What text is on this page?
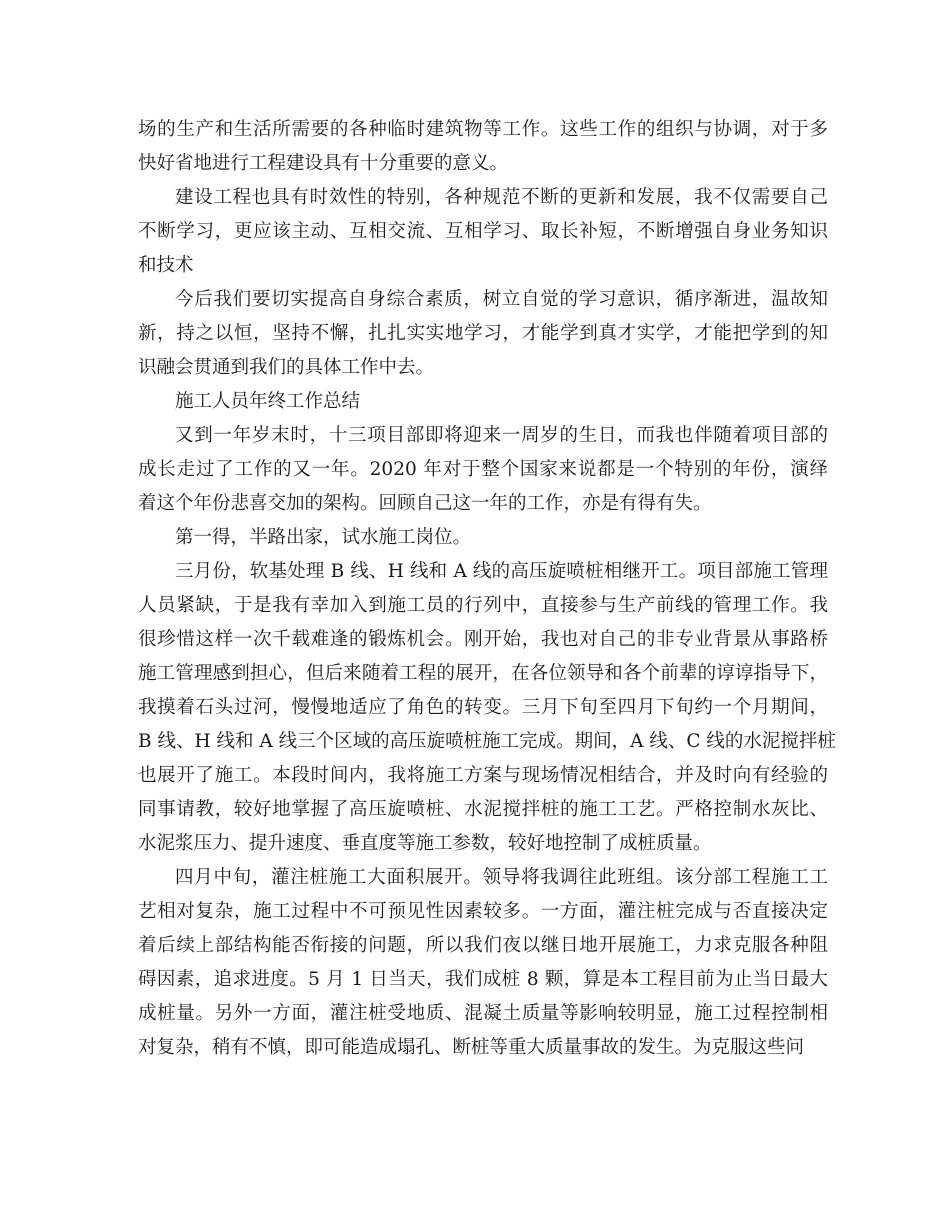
场的生产和生活所需要的各种临时建筑物等工作。这些工作的组织与协调，对于多
快好省地进行工程建设具有十分重要的意义。
建设工程也具有时效性的特别，各种规范不断的更新和发展，我不仅需要自己
不断学习，更应该主动、互相交流、互相学习、取长补短，不断增强自身业务知识
和技术
今后我们要切实提高自身综合素质，树立自觉的学习意识，循序渐进，温故知
新，持之以恒，坚持不懈，扎扎实实地学习，才能学到真才实学，才能把学到的知
识融会贯通到我们的具体工作中去。
施工人员年终工作总结
又到一年岁末时，十三项目部即将迎来一周岁的生日，而我也伴随着项目部的
成长走过了工作的又一年。2020 年对于整个国家来说都是一个特别的年份，演绎
着这个年份悲喜交加的架构。回顾自己这一年的工作，亦是有得有失。
第一得，半路出家，试水施工岗位。
三月份，软基处理 B 线、H 线和 A 线的高压旋喷桩相继开工。项目部施工管理
人员紧缺，于是我有幸加入到施工员的行列中，直接参与生产前线的管理工作。我
很珍惜这样一次千载难逢的锻炼机会。刚开始，我也对自己的非专业背景从事路桥
施工管理感到担心，但后来随着工程的展开，在各位领导和各个前辈的谆谆指导下，
我摸着石头过河，慢慢地适应了角色的转变。三月下旬至四月下旬约一个月期间，
B 线、H 线和 A 线三个区域的高压旋喷桩施工完成。期间，A 线、C 线的水泥搅拌桩
也展开了施工。本段时间内，我将施工方案与现场情况相结合，并及时向有经验的
同事请教，较好地掌握了高压旋喷桩、水泥搅拌桩的施工工艺。严格控制水灰比、
水泥浆压力、提升速度、垂直度等施工参数，较好地控制了成桩质量。
四月中旬，灌注桩施工大面积展开。领导将我调往此班组。该分部工程施工工
艺相对复杂，施工过程中不可预见性因素较多。一方面，灌注桩完成与否直接决定
着后续上部结构能否衔接的问题，所以我们夜以继日地开展施工，力求克服各种阻
碍因素，追求进度。5 月 1 日当天，我们成桩 8 颗，算是本工程目前为止当日最大
成桩量。另外一方面，灌注桩受地质、混凝土质量等影响较明显，施工过程控制相
对复杂，稍有不慎，即可能造成塌孔、断桩等重大质量事故的发生。为克服这些问
